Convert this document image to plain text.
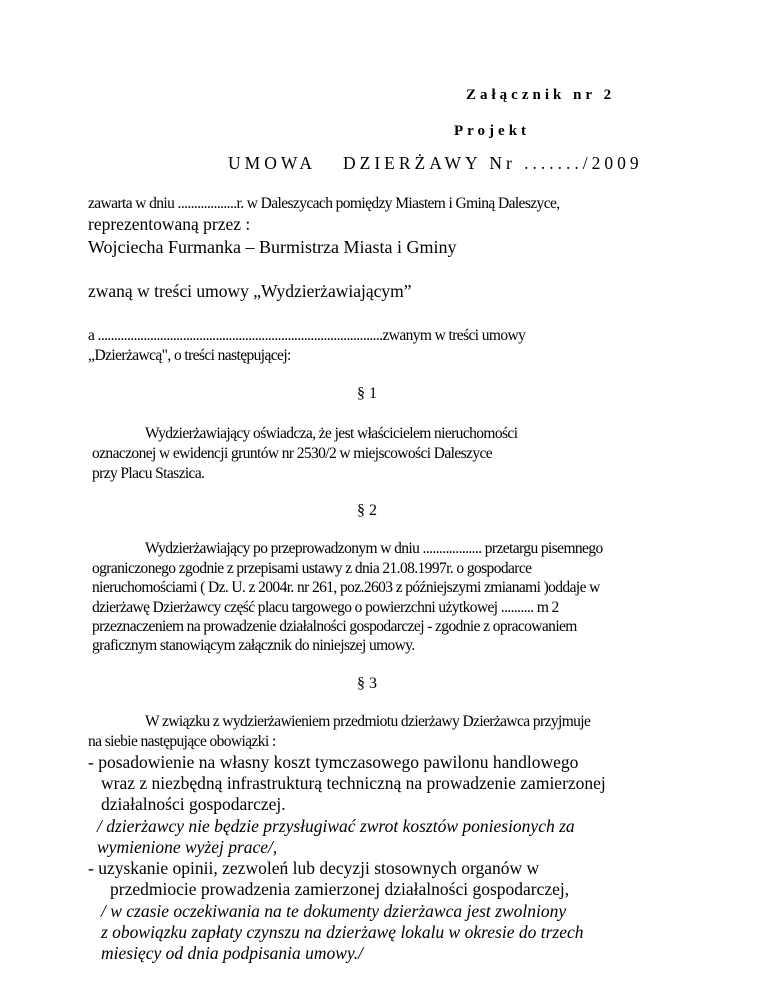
Załącznik nr 2
Projekt
UMOWA DZIERŻAWY Nr ......./2009
zawarta w dniu ..................r. w Daleszycach pomiędzy Miastem i Gminą Daleszyce,
reprezentowaną przez :
Wojciecha Furmanka – Burmistrza Miasta i Gminy
zwaną w treści umowy „Wydzierżawiającym”
a .......................................................................................zwanym w treści umowy
,,Dzierżawcą", o treści następującej:
§ 1
Wydzierżawiający oświadcza, że jest właścicielem nieruchomości
oznaczonej w ewidencji gruntów nr 2530/2 w miejscowości Daleszyce
przy Placu Staszica.
§ 2
Wydzierżawiający po przeprowadzonym w dniu .................. przetargu pisemnego
ograniczonego zgodnie z przepisami ustawy z dnia 21.08.1997r. o gospodarce
nieruchomościami ( Dz. U. z 2004r. nr 261, poz.2603 z późniejszymi zmianami )oddaje w
dzierżawę Dzierżawcy część placu targowego o powierzchni użytkowej .......... m 2
przeznaczeniem na prowadzenie działalności gospodarczej - zgodnie z opracowaniem
graficznym stanowiącym załącznik do niniejszej umowy.
§ 3
W związku z wydzierżawieniem przedmiotu dzierżawy Dzierżawca przyjmuje
na siebie następujące obowiązki :
- posadowienie na własny koszt tymczasowego pawilonu handlowego
wraz z niezbędną infrastrukturą techniczną na prowadzenie zamierzonej
działalności gospodarczej.
/ dzierżawcy nie będzie przysługiwać zwrot kosztów poniesionych za
wymienione wyżej prace/,
- uzyskanie opinii, zezwoleń lub decyzji stosownych organów w
przedmiocie prowadzenia zamierzonej działalności gospodarczej,
/ w czasie oczekiwania na te dokumenty dzierżawca jest zwolniony
z obowiązku zapłaty czynszu na dzierżawę lokalu w okresie do trzech
miesięcy od dnia podpisania umowy./
